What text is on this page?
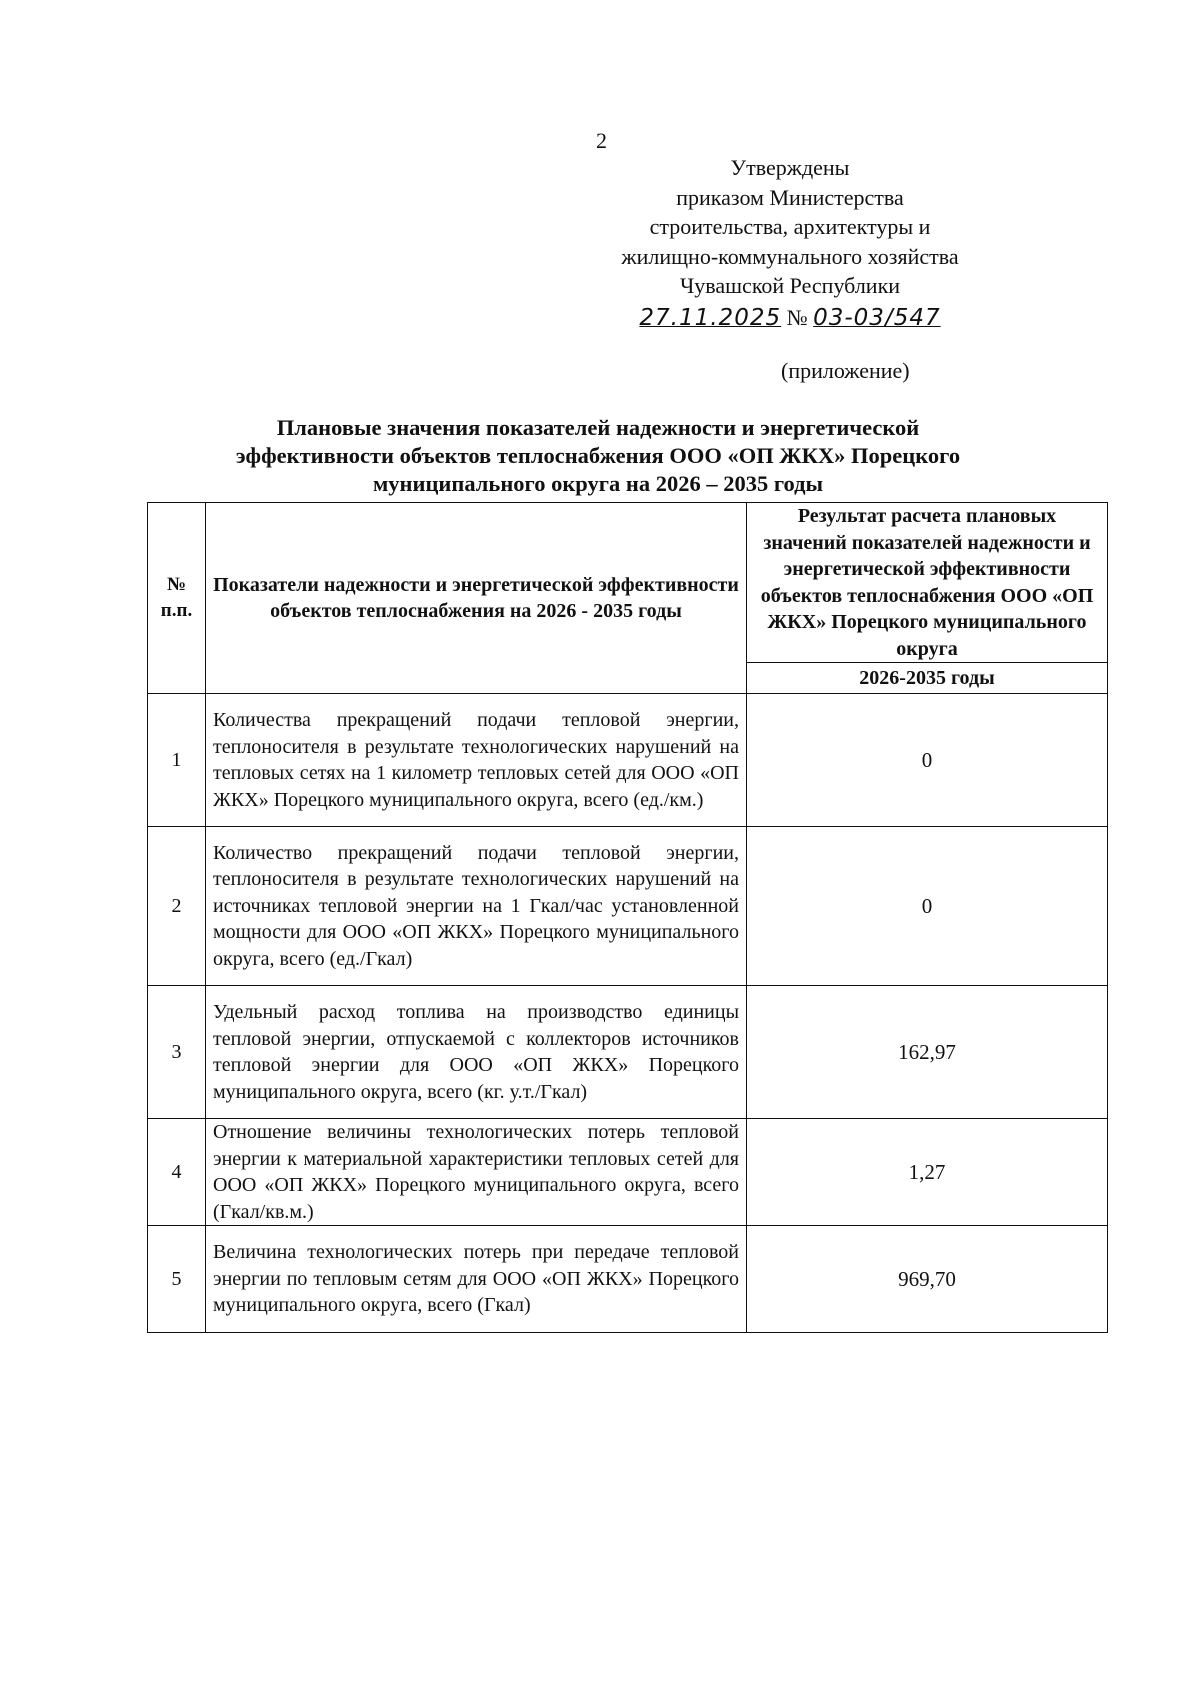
2
Утверждены
приказом Министерства
строительства, архитектуры и
жилищно-коммунального хозяйства
Чувашской Республики
27.11.2025 № 03-03/547
(приложение)
Плановые значения показателей надежности и энергетической
эффективности объектов теплоснабжения ООО «ОП ЖКХ» Порецкого
муниципального округа на 2026 – 2035 годы
№ п.п.	Показатели надежности и энергетической эффективности объектов теплоснабжения на 2026 - 2035 годы	Результат расчета плановых значений показателей надежности и энергетической эффективности объектов теплоснабжения ООО «ОП ЖКХ» Порецкого муниципального округа
		2026-2035 годы
1	Количества прекращений подачи тепловой энергии, теплоносителя в результате технологических нарушений на тепловых сетях на 1 километр тепловых сетей для ООО «ОП ЖКХ» Порецкого муниципального округа, всего (ед./км.)	0
2	Количество прекращений подачи тепловой энергии, теплоносителя в результате технологических нарушений на источниках тепловой энергии на 1 Гкал/час установленной мощности для ООО «ОП ЖКХ» Порецкого муниципального округа, всего (ед./Гкал)	0
3	Удельный расход топлива на производство единицы тепловой энергии, отпускаемой с коллекторов источников тепловой энергии для ООО «ОП ЖКХ» Порецкого муниципального округа, всего (кг. у.т./Гкал)	162,97
4	Отношение величины технологических потерь тепловой энергии к материальной характеристики тепловых сетей для ООО «ОП ЖКХ» Порецкого муниципального округа, всего (Гкал/кв.м.)	1,27
5	Величина технологических потерь при передаче тепловой энергии по тепловым сетям для ООО «ОП ЖКХ» Порецкого муниципального округа, всего (Гкал)	969,70
